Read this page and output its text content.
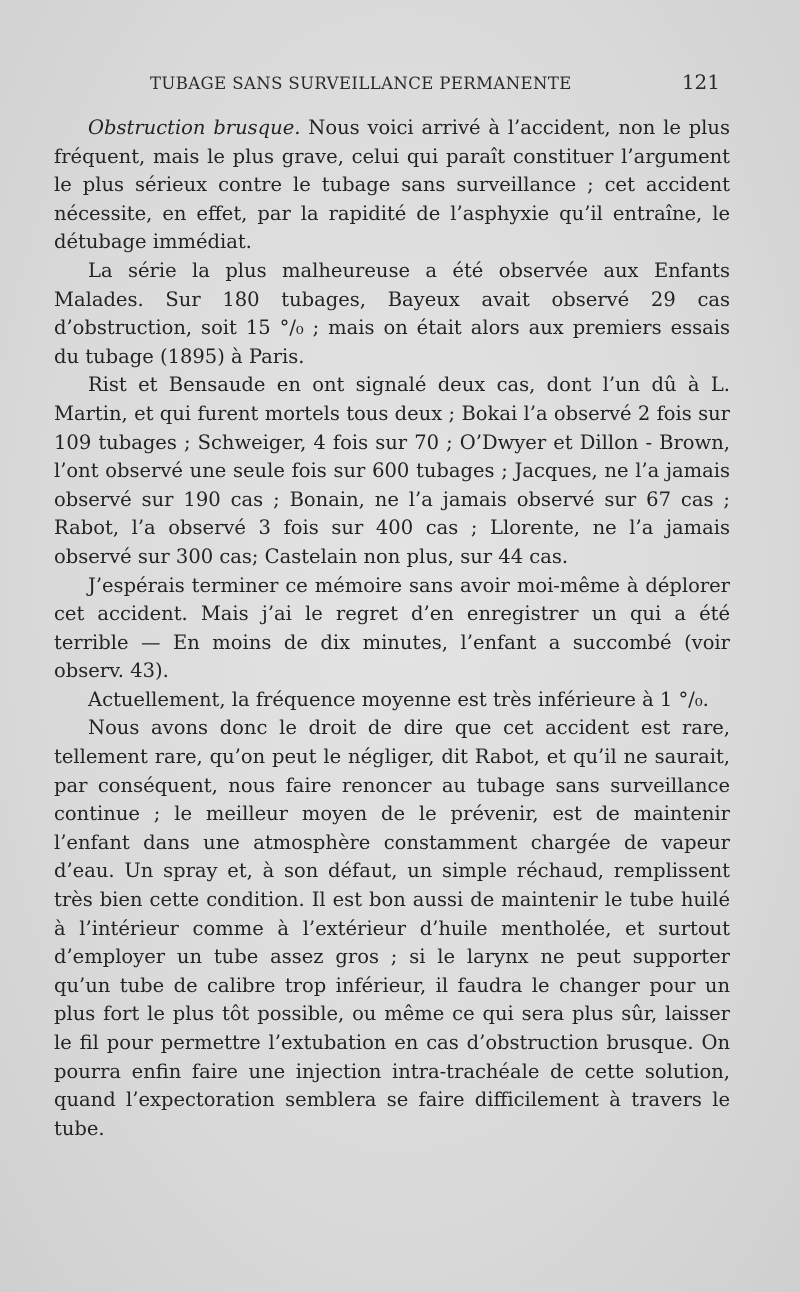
TUBAGE SANS SURVEILLANCE PERMANENTE	121

Obstruction brusque. Nous voici arrivé à l’accident, non le plus fréquent, mais le plus grave, celui qui paraît constituer l’argument le plus sérieux contre le tubage sans surveillance ; cet accident nécessite, en effet, par la rapidité de l’asphyxie qu’il entraîne, le détubage immédiat.

La série la plus malheureuse a été observée aux Enfants Malades. Sur 180 tubages, Bayeux avait observé 29 cas d’obstruction, soit 15 °/₀ ; mais on était alors aux premiers essais du tubage (1895) à Paris.

Rist et Bensaude en ont signalé deux cas, dont l’un dû à L. Martin, et qui furent mortels tous deux ; Bokai l’a observé 2 fois sur 109 tubages ; Schweiger, 4 fois sur 70 ; O’Dwyer et Dillon - Brown, l’ont observé une seule fois sur 600 tubages ; Jacques, ne l’a jamais observé sur 190 cas ; Bonain, ne l’a jamais observé sur 67 cas ; Rabot, l’a observé 3 fois sur 400 cas ; Llorente, ne l’a jamais observé sur 300 cas; Castelain non plus, sur 44 cas.

J’espérais terminer ce mémoire sans avoir moi-même à déplorer cet accident. Mais j’ai le regret d’en enregistrer un qui a été terrible — En moins de dix minutes, l’enfant a succombé (voir observ. 43).

Actuellement, la fréquence moyenne est très inférieure à 1 °/₀.

Nous avons donc le droit de dire que cet accident est rare, tellement rare, qu’on peut le négliger, dit Rabot, et qu’il ne saurait, par conséquent, nous faire renoncer au tubage sans surveillance continue ; le meilleur moyen de le prévenir, est de maintenir l’enfant dans une atmosphère constamment chargée de vapeur d’eau. Un spray et, à son défaut, un simple réchaud, remplissent très bien cette condition. Il est bon aussi de maintenir le tube huilé à l’intérieur comme à l’extérieur d’huile mentholée, et surtout d’employer un tube assez gros ; si le larynx ne peut supporter qu’un tube de calibre trop inférieur, il faudra le changer pour un plus fort le plus tôt possible, ou même ce qui sera plus sûr, laisser le fil pour permettre l’extubation en cas d’obstruction brusque. On pourra enfin faire une injection intra-trachéale de cette solution, quand l’expectoration semblera se faire difficilement à travers le tube.
